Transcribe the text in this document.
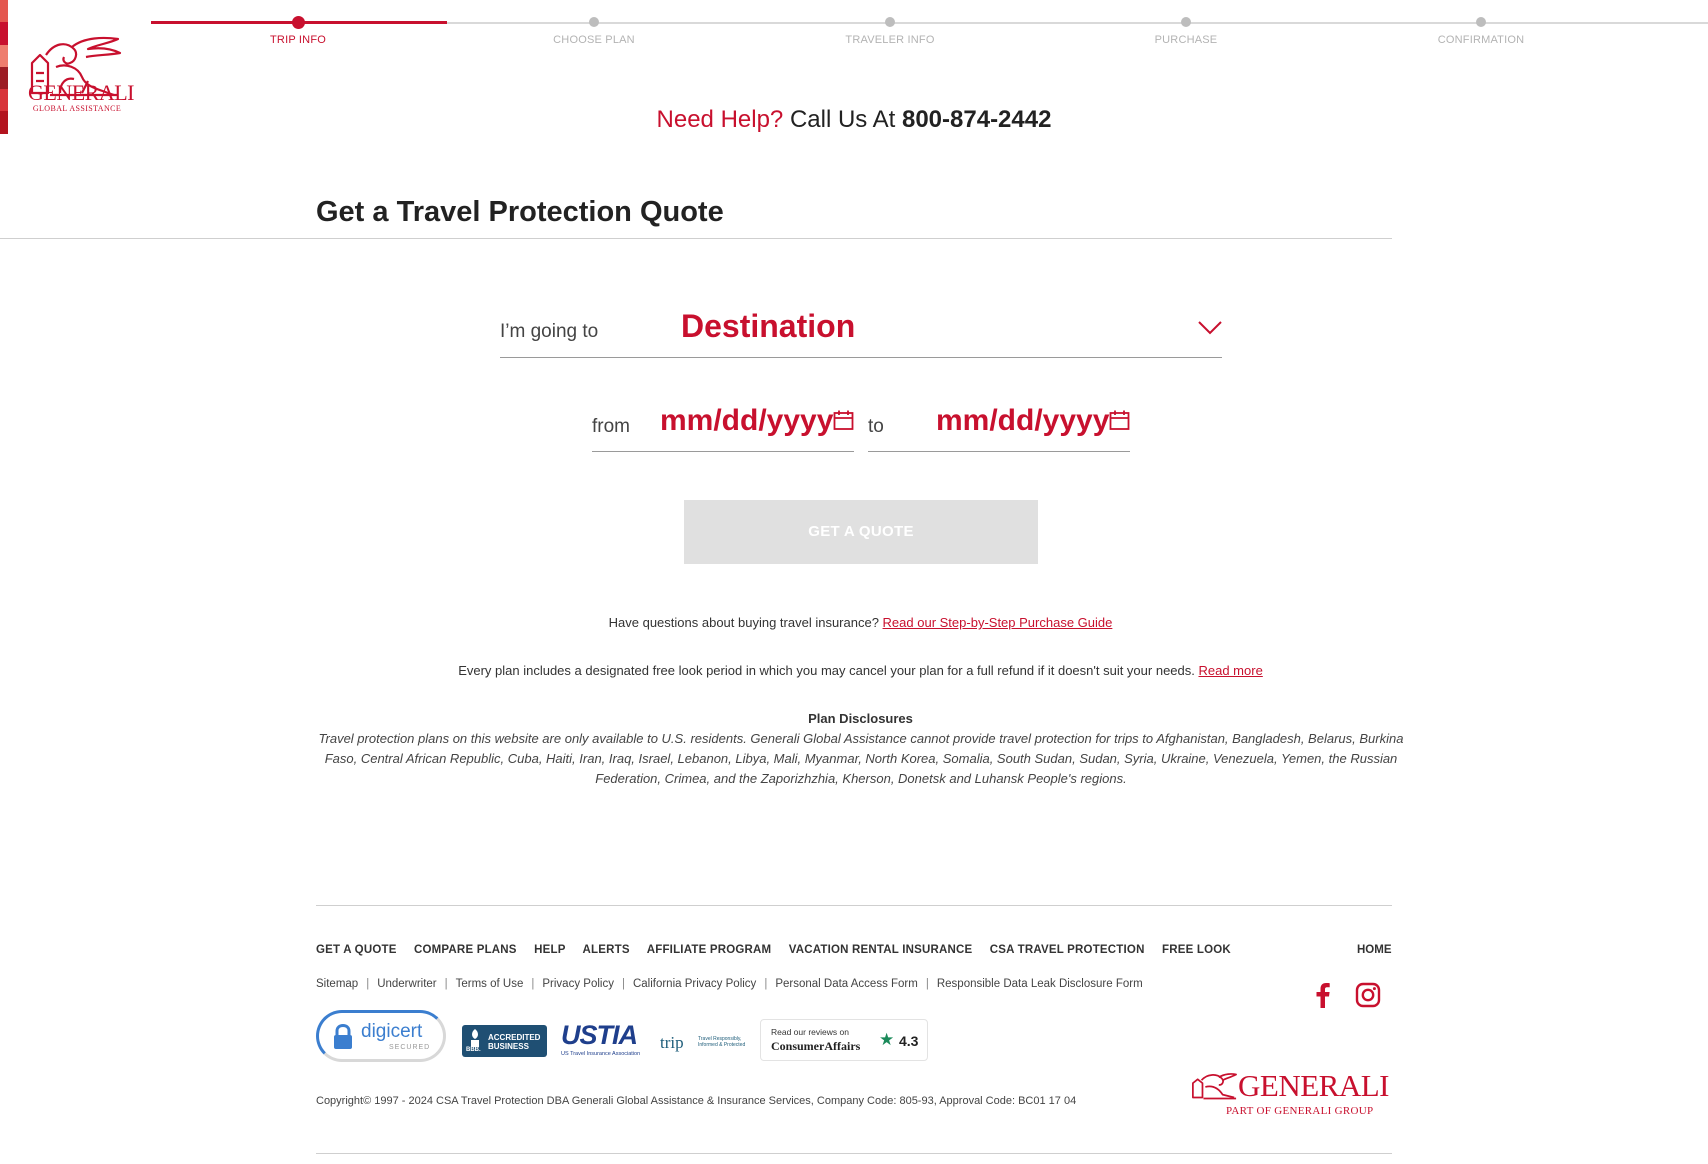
GENERALI
GLOBAL ASSISTANCE
TRIP INFO	CHOOSE PLAN	TRAVELER INFO	PURCHASE	CONFIRMATION
Need Help? Call Us At 800-874-2442
Get a Travel Protection Quote
I’m going to	Destination
from mm/dd/yyyy to mm/dd/yyyy
GET A QUOTE
Have questions about buying travel insurance? Read our Step-by-Step Purchase Guide
Every plan includes a designated free look period in which you may cancel your plan for a full refund if it doesn't suit your needs. Read more
Plan Disclosures
Travel protection plans on this website are only available to U.S. residents. Generali Global Assistance cannot provide travel protection for trips to Afghanistan, Bangladesh, Belarus, Burkina Faso, Central African Republic, Cuba, Haiti, Iran, Iraq, Israel, Lebanon, Libya, Mali, Myanmar, North Korea, Somalia, South Sudan, Sudan, Syria, Ukraine, Venezuela, Yemen, the Russian Federation, Crimea, and the Zaporizhzhia, Kherson, Donetsk and Luhansk People's regions.
GET A QUOTE COMPARE PLANS HELP ALERTS AFFILIATE PROGRAM VACATION RENTAL INSURANCE CSA TRAVEL PROTECTION FREE LOOK	HOME
Sitemap | Underwriter | Terms of Use | Privacy Policy | California Privacy Policy | Personal Data Access Form | Responsible Data Leak Disclosure Form
digicert
SECURED	BBB.
ACCREDITED BUSINESS	USTIA
US Travel Insurance Association
trip	Travel Responsibly, Informed & Protected
Read our reviews on
ConsumerAffairs ★ 4.3
Copyright© 1997 - 2024 CSA Travel Protection DBA Generali Global Assistance & Insurance Services, Company Code: 805-93, Approval Code: BC01 17 04	GENERALI
PART OF GENERALI GROUP
